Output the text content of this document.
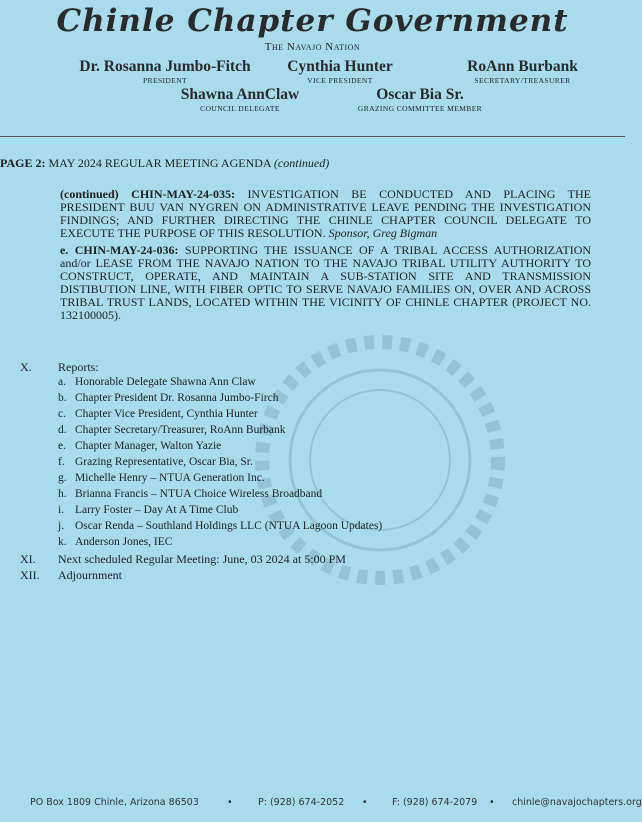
Chinle Chapter Government
The Navajo Nation
Dr. Rosanna Jumbo-Fitch
PRESIDENT
Cynthia Hunter
VICE PRESIDENT
RoAnn Burbank
SECRETARY/TREASURER
Shawna AnnClaw
COUNCIL DELEGATE
Oscar Bia Sr.
GRAZING COMMITTEE MEMBER
PAGE 2: MAY 2024 REGULAR MEETING AGENDA (continued)
(continued) CHIN-MAY-24-035: INVESTIGATION BE CONDUCTED AND PLACING THE PRESIDENT BUU VAN NYGREN ON ADMINISTRATIVE LEAVE PENDING THE INVESTIGATION FINDINGS; AND FURTHER DIRECTING THE CHINLE CHAPTER COUNCIL DELEGATE TO EXECUTE THE PURPOSE OF THIS RESOLUTION. Sponsor, Greg Bigman
e. CHIN-MAY-24-036: SUPPORTING THE ISSUANCE OF A TRIBAL ACCESS AUTHORIZATION and/or LEASE FROM THE NAVAJO NATION TO THE NAVAJO TRIBAL UTILITY AUTHORITY TO CONSTRUCT, OPERATE, AND MAINTAIN A SUB-STATION SITE AND TRANSMISSION DISTIBUTION LINE, WITH FIBER OPTIC TO SERVE NAVAJO FAMILIES ON, OVER AND ACROSS TRIBAL TRUST LANDS, LOCATED WITHIN THE VICINITY OF CHINLE CHAPTER (PROJECT NO. 132100005).
X. Reports:
a. Honorable Delegate Shawna Ann Claw
b. Chapter President Dr. Rosanna Jumbo-Firch
c. Chapter Vice President, Cynthia Hunter
d. Chapter Secretary/Treasurer, RoAnn Burbank
e. Chapter Manager, Walton Yazie
f. Grazing Representative, Oscar Bia, Sr.
g. Michelle Henry – NTUA Generation Inc.
h. Brianna Francis – NTUA Choice Wireless Broadband
i. Larry Foster – Day At A Time Club
j. Oscar Renda – Southland Holdings LLC (NTUA Lagoon Updates)
k. Anderson Jones, IEC
XI. Next scheduled Regular Meeting: June, 03 2024 at 5:00 PM
XII. Adjournment
PO Box 1809 Chinle, Arizona 86503	•	P: (928) 674-2052 •	F: (928) 674-2079 • chinle@navajochapters.org
